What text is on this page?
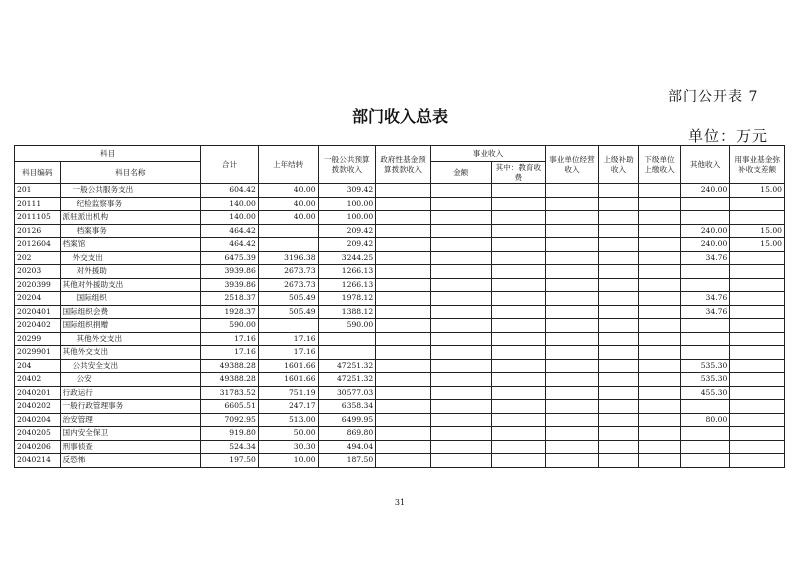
部门公开表 7
部门收入总表
单位：万元
科目		合计	上年结转	一般公共预算拨款收入	政府性基金预算拨款收入	事业收入		事业单位经营收入	上级补助收入	下级单位上缴收入	其他收入	用事业基金弥补收支差额
科目编码	科目名称					金额	其中：教育收费					
201	一般公共服务支出	604.42	40.00	309.42							240.00	15.00
20111	纪检监察事务	140.00	40.00	100.00								
2011105	派驻派出机构	140.00	40.00	100.00								
20126	档案事务	464.42		209.42							240.00	15.00
2012604	档案馆	464.42		209.42							240.00	15.00
202	外交支出	6475.39	3196.38	3244.25							34.76	
20203	对外援助	3939.86	2673.73	1266.13								
2020399	其他对外援助支出	3939.86	2673.73	1266.13								
20204	国际组织	2518.37	505.49	1978.12							34.76	
2020401	国际组织会费	1928.37	505.49	1388.12							34.76	
2020402	国际组织捐赠	590.00		590.00								
20299	其他外交支出	17.16	17.16									
2029901	其他外交支出	17.16	17.16									
204	公共安全支出	49388.28	1601.66	47251.32							535.30	
20402	公安	49388.28	1601.66	47251.32							535.30	
2040201	行政运行	31783.52	751.19	30577.03							455.30	
2040202	一般行政管理事务	6605.51	247.17	6358.34								
2040204	治安管理	7092.95	513.00	6499.95							80.00	
2040205	国内安全保卫	919.80	50.00	869.80								
2040206	刑事侦查	524.34	30.30	494.04								
2040214	反恐怖	197.50	10.00	187.50								
31
